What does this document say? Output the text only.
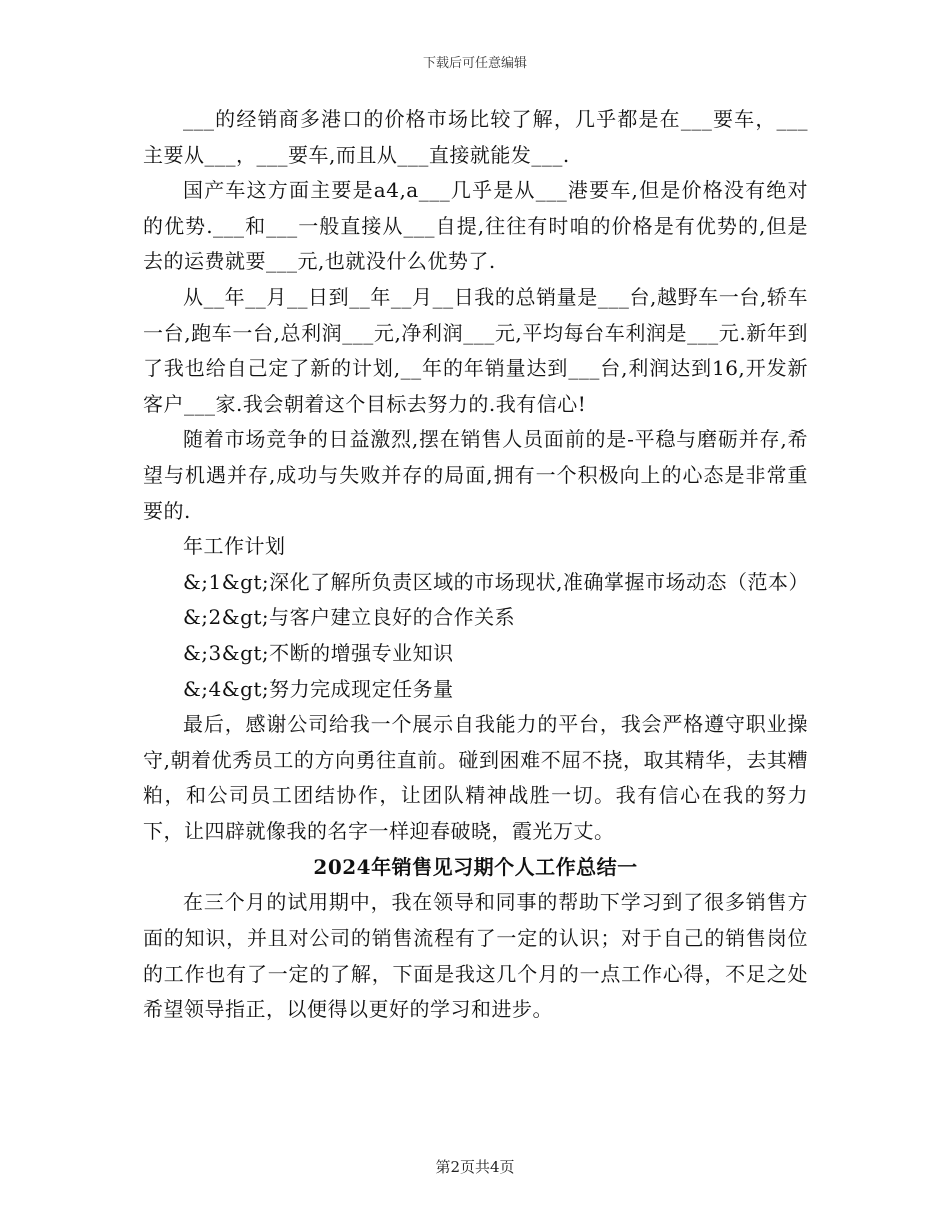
下载后可任意编辑

___的经销商多港口的价格市场比较了解，几乎都是在___要车，___主要从___，___要车,而且从___直接就能发___.

国产车这方面主要是a4,a___几乎是从___港要车,但是价格没有绝对的优势.___和___一般直接从___自提,往往有时咱的价格是有优势的,但是去的运费就要___元,也就没什么优势了.

从__年__月__日到__年__月__日我的总销量是___台,越野车一台,轿车一台,跑车一台,总利润___元,净利润___元,平均每台车利润是___元.新年到了我也给自己定了新的计划,__年的年销量达到___台,利润达到16,开发新客户___家.我会朝着这个目标去努力的.我有信心!

随着市场竞争的日益激烈,摆在销售人员面前的是-平稳与磨砺并存,希望与机遇并存,成功与失败并存的局面,拥有一个积极向上的心态是非常重要的.

年工作计划

&;1&gt;深化了解所负责区域的市场现状,准确掌握市场动态（范本）

&;2&gt;与客户建立良好的合作关系

&;3&gt;不断的增强专业知识

&;4&gt;努力完成现定任务量

最后，感谢公司给我一个展示自我能力的平台，我会严格遵守职业操守,朝着优秀员工的方向勇往直前。碰到困难不屈不挠，取其精华，去其糟粕，和公司员工团结协作，让团队精神战胜一切。我有信心在我的努力下，让四辟就像我的名字一样迎春破晓，霞光万丈。

2024年销售见习期个人工作总结一

在三个月的试用期中，我在领导和同事的帮助下学习到了很多销售方面的知识，并且对公司的销售流程有了一定的认识；对于自己的销售岗位的工作也有了一定的了解，下面是我这几个月的一点工作心得，不足之处希望领导指正，以便得以更好的学习和进步。

第2页共4页
